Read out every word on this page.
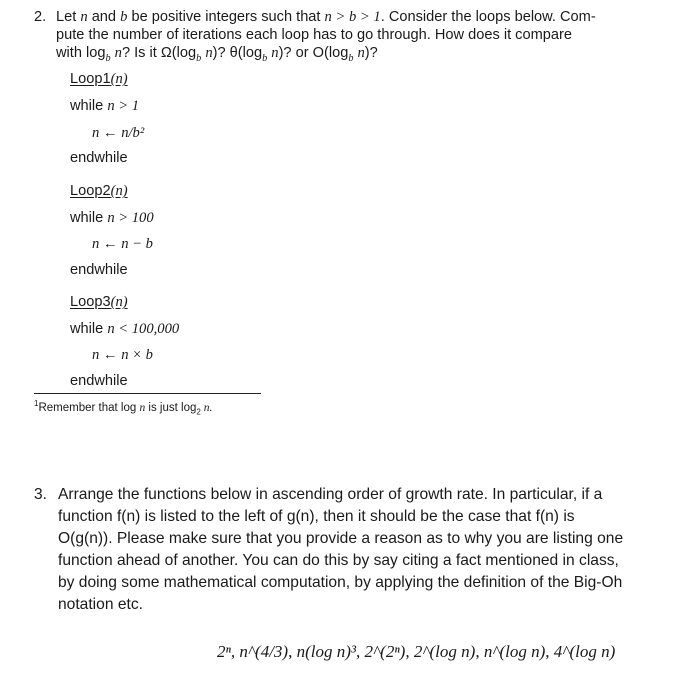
2. Let n and b be positive integers such that n > b > 1. Consider the loops below. Com-
pute the number of iterations each loop has to go through. How does it compare
with $\log_b n$? Is it $\Omega(\log_b$ n)? $\theta(\log_b$ n)? or $O(\log_b$ n)?
Loop1(n)
while n > 1
n ← n/b²
endwhile
Loop2(n)
while n > 100
n ← n − b
endwhile
Loop3(n)
while n < 100,000
n ← n × b
endwhile
$^1$Remember that log n is just $\log_2 n$.
3. Arrange the functions below in ascending order of growth rate. In particular, if a
function f(n) is listed to the left of g(n), then it should be the case that f(n) is
O(g(n)). Please make sure that you provide a reason as to why you are listing one
function ahead of another. You can do this by say citing a fact mentioned in class,
by doing some mathematical computation, by applying the definition of the Big-Oh
notation etc.
2ⁿ, n^(4/3), n(log n)³, 2^(2ⁿ), 2^(log n), n^(log n), 4^(log n)
